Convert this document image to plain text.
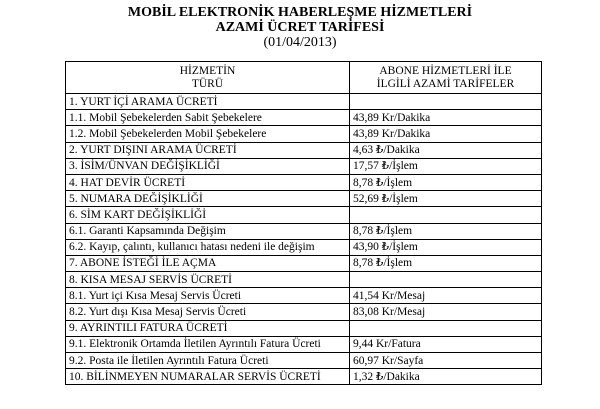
MOBİL ELEKTRONİK HABERLEŞME HİZMETLERİ
AZAMİ ÜCRET TARİFESİ
(01/04/2013)
HİZMETİN
TÜRÜ	ABONE HİZMETLERİ İLE
İLGİLİ AZAMİ TARİFELER

1. YURT İÇİ ARAMA ÜCRETİ	
1.1. Mobil Şebekelerden Sabit Şebekelere	43,89 Kr/Dakika
1.2. Mobil Şebekelerden Mobil Şebekelere	43,89 Kr/Dakika
2. YURT DIŞINI ARAMA ÜCRETİ	4,63 ₺/Dakika
3. İSİM/ÜNVAN DEĞİŞİKLİĞİ	17,57 ₺/İşlem
4. HAT DEVİR ÜCRETİ	8,78 ₺/İşlem
5. NUMARA DEĞİŞİKLİĞİ	52,69 ₺/İşlem
6. SİM KART DEĞİŞİKLİĞİ	
6.1. Garanti Kapsamında Değişim	8,78 ₺/İşlem
6.2. Kayıp, çalıntı, kullanıcı hatası nedeni ile değişim	43,90 ₺/İşlem
7. ABONE İSTEĞİ İLE AÇMA	8,78 ₺/İşlem
8. KISA MESAJ SERVİS ÜCRETİ	
8.1. Yurt içi Kısa Mesaj Servis Ücreti	41,54 Kr/Mesaj
8.2. Yurt dışı Kısa Mesaj Servis Ücreti	83,08 Kr/Mesaj
9. AYRINTILI FATURA ÜCRETİ	
9.1. Elektronik Ortamda İletilen Ayrıntılı Fatura Ücreti	9,44 Kr/Fatura
9.2. Posta ile İletilen Ayrıntılı Fatura Ücreti	60,97 Kr/Sayfa
10. BİLİNMEYEN NUMARALAR SERVİS ÜCRETİ	1,32 ₺/Dakika
